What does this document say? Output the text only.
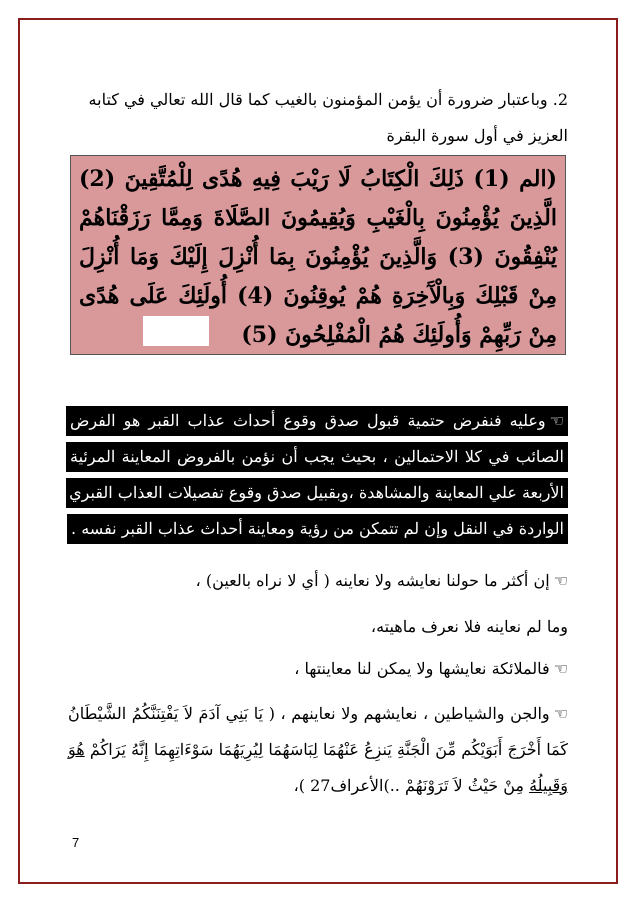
2. وباعتبار ضرورة أن يؤمن المؤمنون بالغيب كما قال الله تعالي في كتابه العزيز في أول سورة البقرة
(الم (1) ذَلِكَ الْكِتَابُ لَا رَيْبَ فِيهِ هُدًى لِلْمُتَّقِينَ (2) الَّذِينَ يُؤْمِنُونَ بِالْغَيْبِ وَيُقِيمُونَ الصَّلَاةَ وَمِمَّا رَزَقْنَاهُمْ يُنْفِقُونَ (3) وَالَّذِينَ يُؤْمِنُونَ بِمَا أُنْزِلَ إِلَيْكَ وَمَا أُنْزِلَ مِنْ قَبْلِكَ وَبِالْآَخِرَةِ هُمْ يُوقِنُونَ (4) أُولَئِكَ عَلَى هُدًى مِنْ رَبِّهِمْ وَأُولَئِكَ هُمُ الْمُفْلِحُونَ (5)
☜وعليه فنفرض حتمية قبول صدق وقوع أحداث عذاب القبر هو الفرض
الصائب في كلا الاحتمالين ، بحيث يجب أن نؤمن بالفروض المعاينة المرئية
الأربعة علي المعاينة والمشاهدة ،وبقبيل صدق وقوع تفصيلات العذاب القبري
الواردة في النقل وإن لم تتمكن من رؤية ومعاينة أحداث عذاب القبر نفسه .
☜إن أكثر ما حولنا نعايشه ولا نعاينه ( أي لا نراه بالعين) ،
وما لم نعاينه فلا نعرف ماهيته،
☜فالملائكة نعايشها ولا يمكن لنا معاينتها ،
☜والجن والشياطين ، نعايشهم ولا نعاينهم ، ( يَا بَنِي آدَمَ لاَ يَفْتِنَنَّكُمُ الشَّيْطَانُ كَمَا أَخْرَجَ أَبَوَيْكُم مِّنَ الْجَنَّةِ يَنزِعُ عَنْهُمَا لِبَاسَهُمَا لِيُرِيَهُمَا سَوْءَاتِهِمَا إِنَّهُ يَرَاكُمْ هُوَ وَقَبِيلُهُ مِنْ حَيْثُ لاَ تَرَوْنَهُمْ ..)الأعراف27 )،
7
